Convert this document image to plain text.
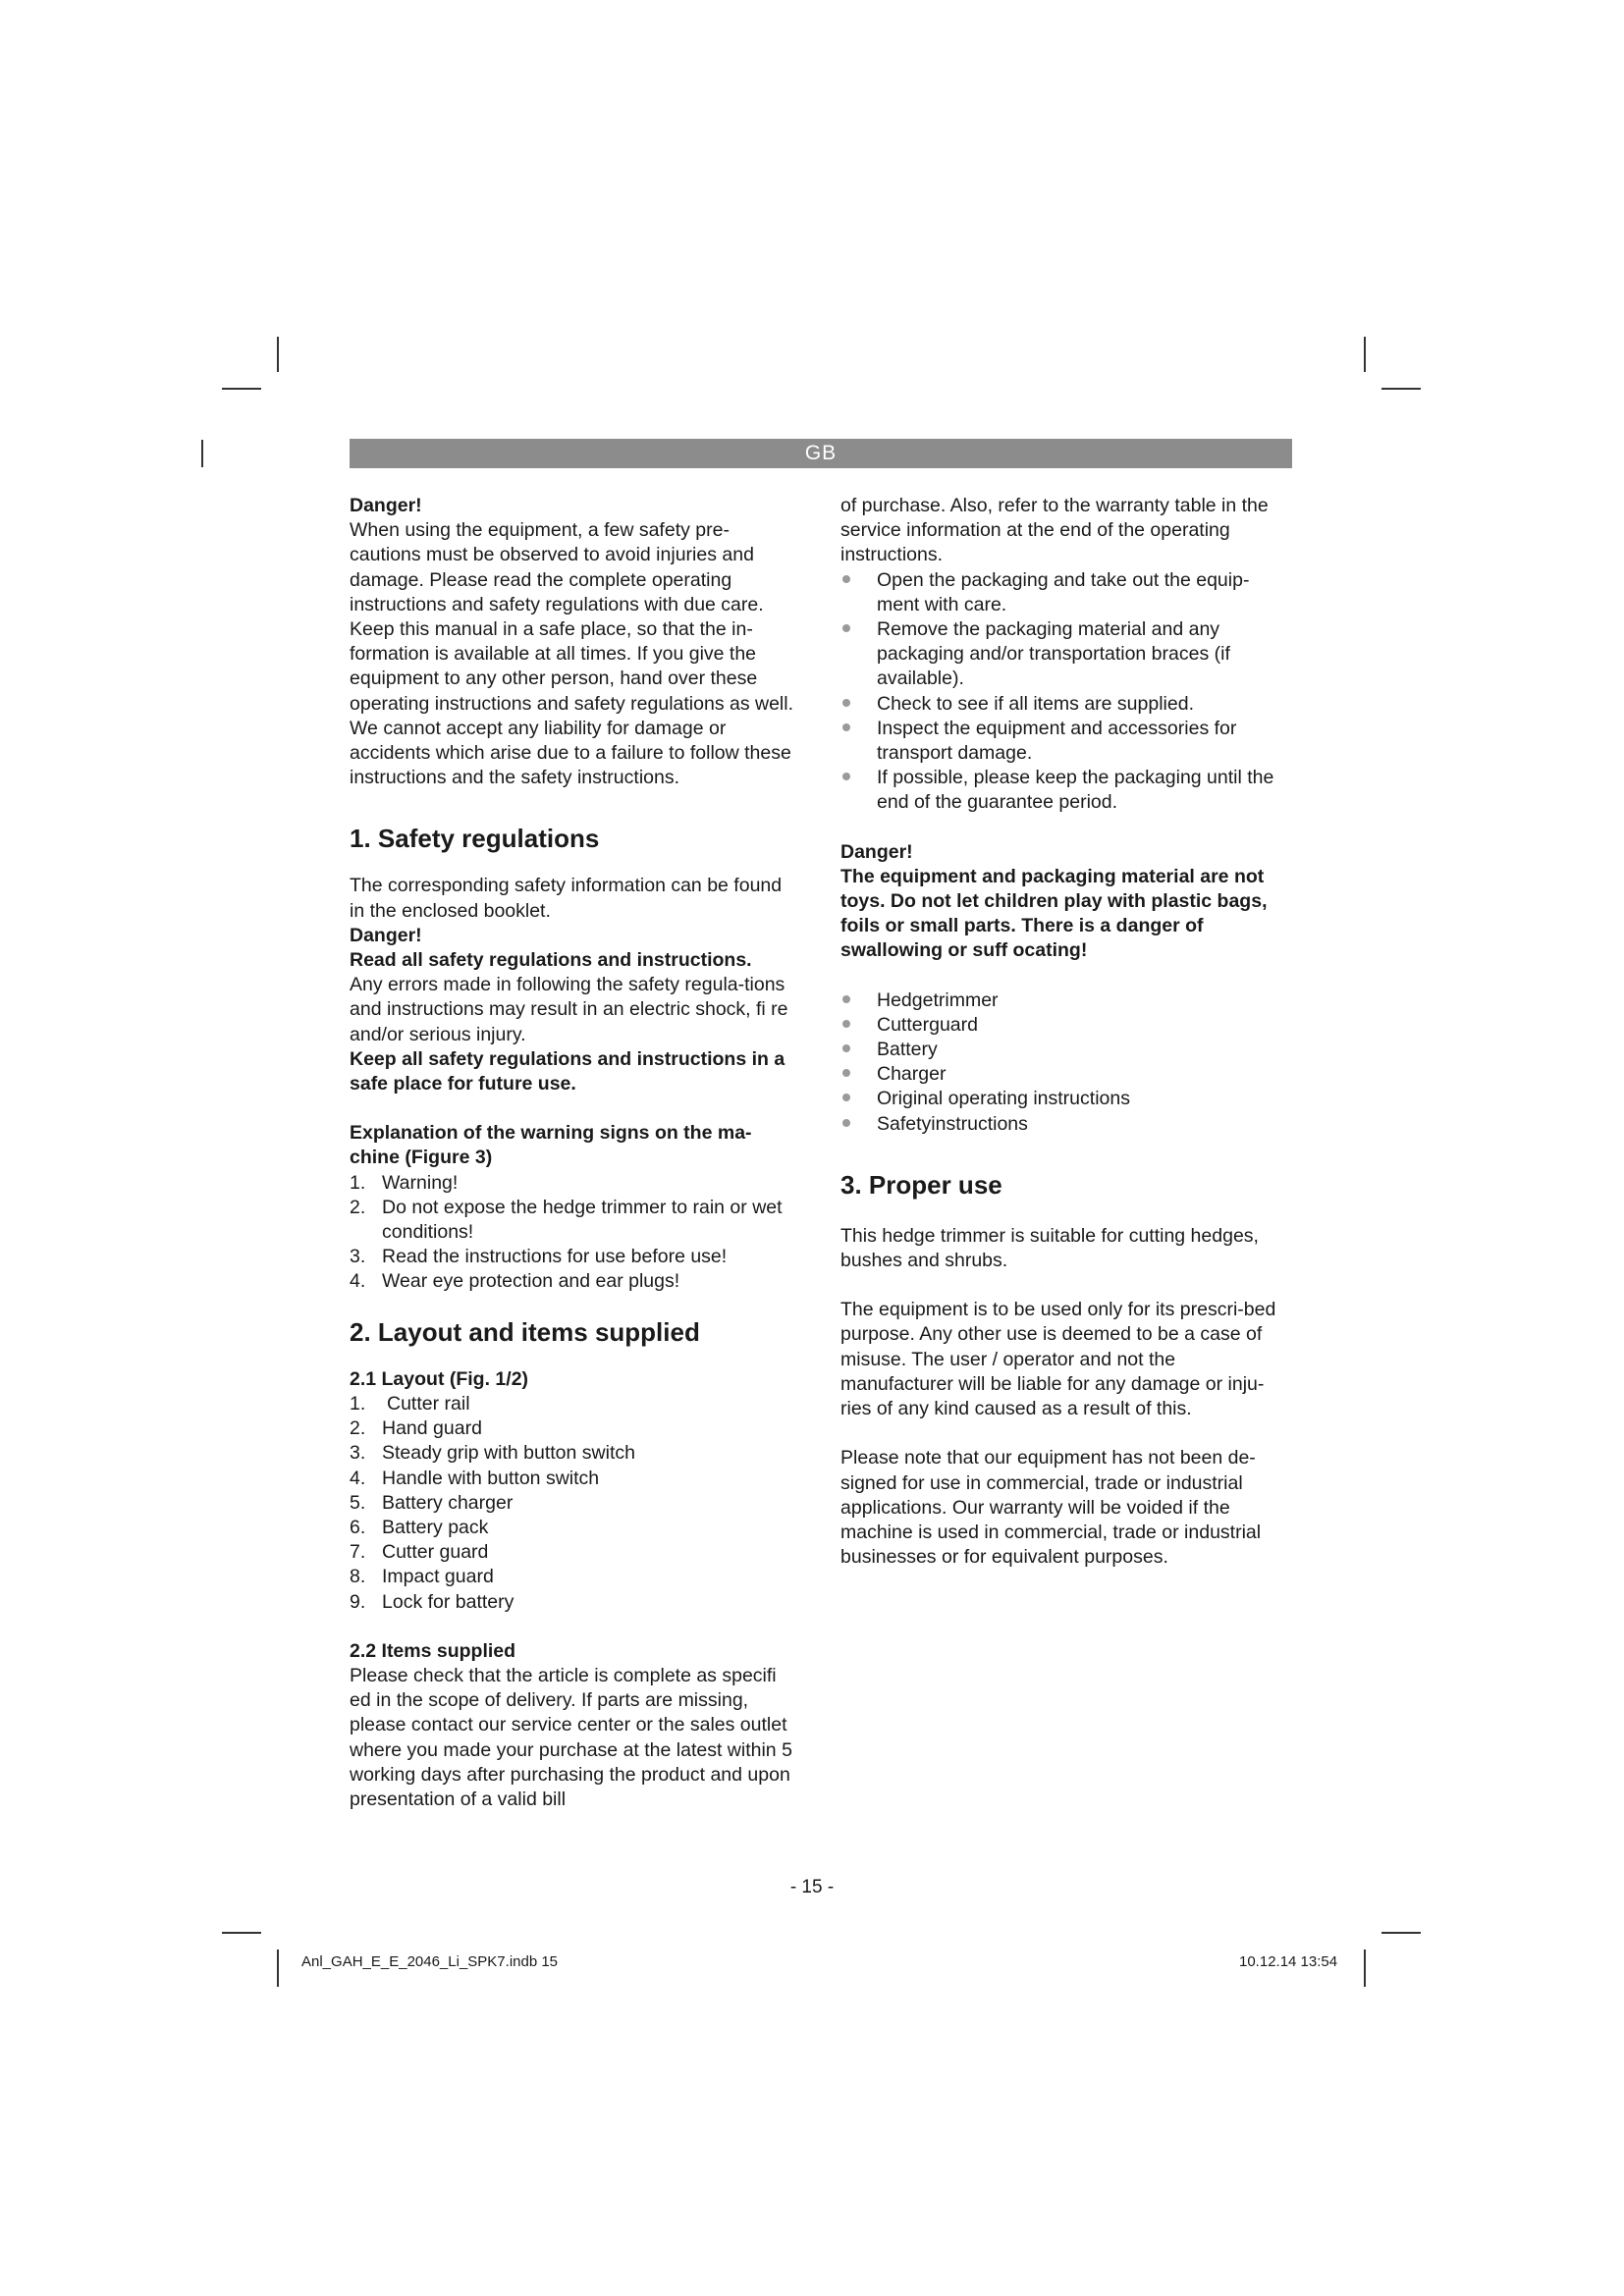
GB
Danger!

When using the equipment, a few safety pre-cautions must be observed to avoid injuries and damage. Please read the complete operating instructions and safety regulations with due care. Keep this manual in a safe place, so that the in-formation is available at all times. If you give the equipment to any other person, hand over these operating instructions and safety regulations as well. We cannot accept any liability for damage or accidents which arise due to a failure to follow these instructions and the safety instructions.

1. Safety regulations

The corresponding safety information can be found in the enclosed booklet.

Danger!

Read all safety regulations and instructions.

Any errors made in following the safety regula-tions and instructions may result in an electric shock, fi re and/or serious injury.

Keep all safety regulations and instructions in a safe place for future use.

Explanation of the warning signs on the ma-chine (Figure 3)
1. Warning!
2. Do not expose the hedge trimmer to rain or wet conditions!
3. Read the instructions for use before use!
4. Wear eye protection and ear plugs!
2. Layout and items supplied
2.1 Layout (Fig. 1/2)
1. Cutter rail
2. Hand guard
3. Steady grip with button switch
4. Handle with button switch
5. Battery charger
6. Battery pack
7. Cutter guard
8. Impact guard
9. Lock for battery
2.2 Items supplied

Please check that the article is complete as specifi ed in the scope of delivery. If parts are missing, please contact our service center or the sales outlet where you made your purchase at the latest within 5 working days after purchasing the product and upon presentation of a valid bill

of purchase. Also, refer to the warranty table in the service information at the end of the operating instructions.

Open the packaging and take out the equip-ment with care.
Remove the packaging material and any packaging and/or transportation braces (if available).
Check to see if all items are supplied.
Inspect the equipment and accessories for transport damage.
If possible, please keep the packaging until the end of the guarantee period.
Danger!

The equipment and packaging material are not toys. Do not let children play with plastic bags, foils or small parts. There is a danger of swallowing or suff ocating!

Hedgetrimmer
Cutterguard
Battery
Charger
Original operating instructions
Safetyinstructions
3. Proper use

This hedge trimmer is suitable for cutting hedges, bushes and shrubs.

The equipment is to be used only for its prescri-bed purpose. Any other use is deemed to be a case of misuse. The user / operator and not the manufacturer will be liable for any damage or inju-ries of any kind caused as a result of this.

Please note that our equipment has not been de-signed for use in commercial, trade or industrial applications. Our warranty will be voided if the machine is used in commercial, trade or industrial businesses or for equivalent purposes.

- 15 -
Anl_GAH_E_E_2046_Li_SPK7.indb 15	10.12.14 13:54
